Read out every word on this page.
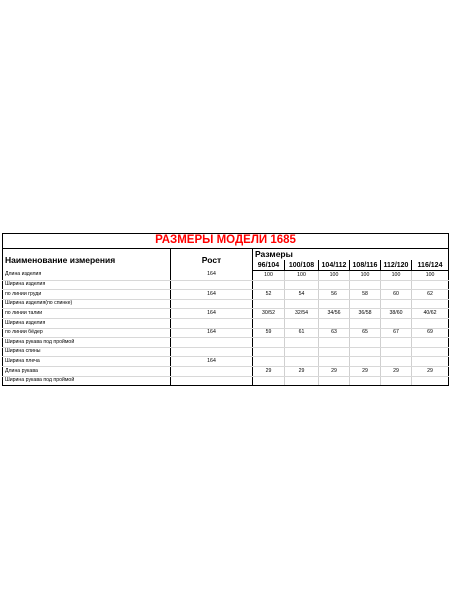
РАЗМЕРЫ МОДЕЛИ 1685							
Наименование измерения	Рост	Размеры					
		96/104	100/108	104/112	108/116	112/120	116/124
Длина изделия	164	100	100	100	100	100	100
Ширина изделия							
по линии груди	164	52	54	56	58	60	62
Ширина изделия(по спинке)							
по линии талии	164	30/52	32/54	34/56	36/58	38/60	40/62
Ширина изделия							
по линии бёдер	164	59	61	63	65	67	69
Ширина рукава под проймой							
Ширина спины							
Ширина плеча	164						
Длина рукава		29	29	29	29	29	29
Ширина рукава под проймой							
